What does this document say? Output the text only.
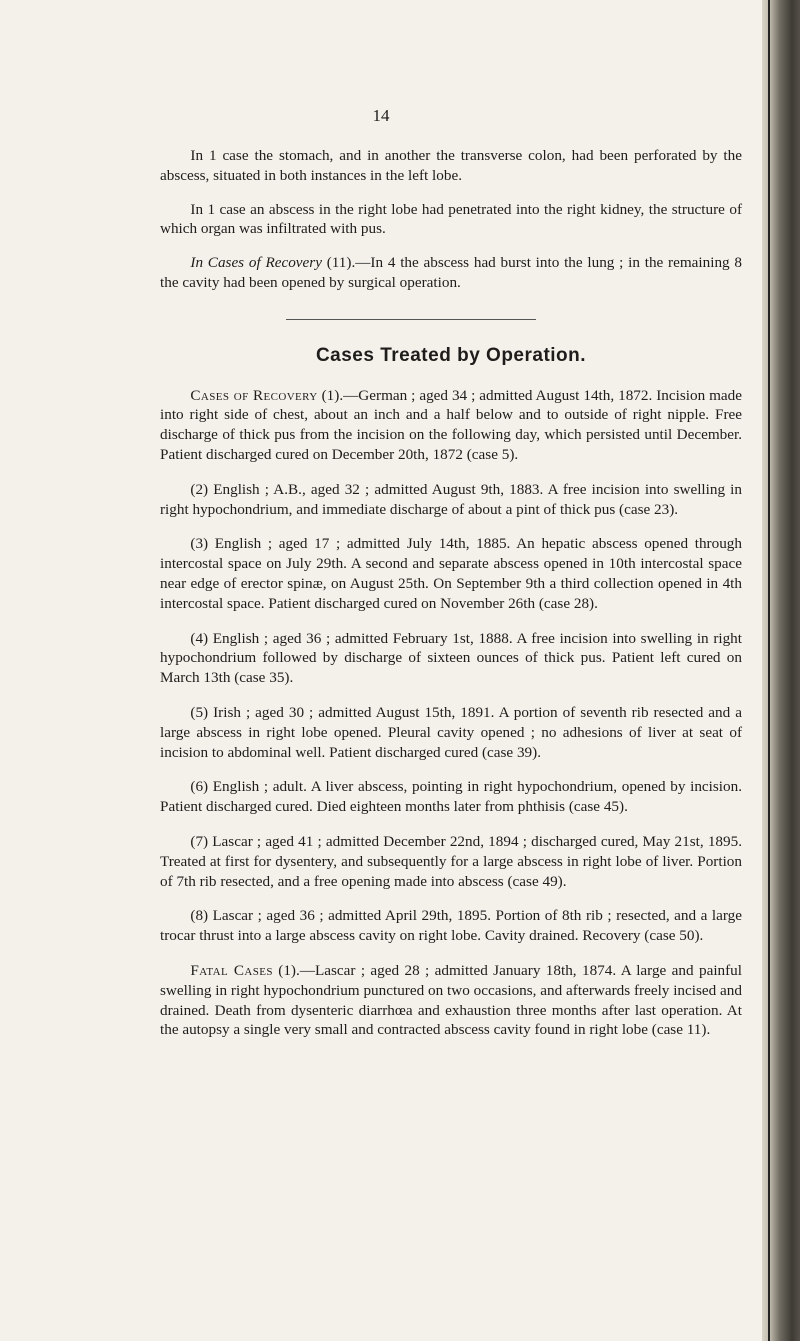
14

In 1 case the stomach, and in another the transverse colon, had been perforated by the abscess, situated in both instances in the left lobe.

In 1 case an abscess in the right lobe had penetrated into the right kidney, the structure of which organ was infiltrated with pus.

In Cases of Recovery (11).—In 4 the abscess had burst into the lung ; in the remaining 8 the cavity had been opened by surgical operation.

Cases Treated by Operation.

Cases of Recovery (1).—German ; aged 34 ; admitted August 14th, 1872. Incision made into right side of chest, about an inch and a half below and to outside of right nipple. Free discharge of thick pus from the incision on the following day, which persisted until December. Patient discharged cured on December 20th, 1872 (case 5).

(2) English ; A.B., aged 32 ; admitted August 9th, 1883. A free incision into swelling in right hypochondrium, and immediate discharge of about a pint of thick pus (case 23).

(3) English ; aged 17 ; admitted July 14th, 1885. An hepatic abscess opened through intercostal space on July 29th. A second and separate abscess opened in 10th intercostal space near edge of erector spinæ, on August 25th. On September 9th a third collection opened in 4th intercostal space. Patient discharged cured on November 26th (case 28).

(4) English ; aged 36 ; admitted February 1st, 1888. A free incision into swelling in right hypochondrium followed by discharge of sixteen ounces of thick pus. Patient left cured on March 13th (case 35).

(5) Irish ; aged 30 ; admitted August 15th, 1891. A portion of seventh rib resected and a large abscess in right lobe opened. Pleural cavity opened ; no adhesions of liver at seat of incision to abdominal well. Patient discharged cured (case 39).

(6) English ; adult. A liver abscess, pointing in right hypochondrium, opened by incision. Patient discharged cured. Died eighteen months later from phthisis (case 45).

(7) Lascar ; aged 41 ; admitted December 22nd, 1894 ; discharged cured, May 21st, 1895. Treated at first for dysentery, and subsequently for a large abscess in right lobe of liver. Portion of 7th rib resected, and a free opening made into abscess (case 49).

(8) Lascar ; aged 36 ; admitted April 29th, 1895. Portion of 8th rib ; resected, and a large trocar thrust into a large abscess cavity on right lobe. Cavity drained. Recovery (case 50).

Fatal Cases (1).—Lascar ; aged 28 ; admitted January 18th, 1874. A large and painful swelling in right hypochondrium punctured on two occasions, and afterwards freely incised and drained. Death from dysenteric diarrhœa and exhaustion three months after last operation. At the autopsy a single very small and contracted abscess cavity found in right lobe (case 11).
